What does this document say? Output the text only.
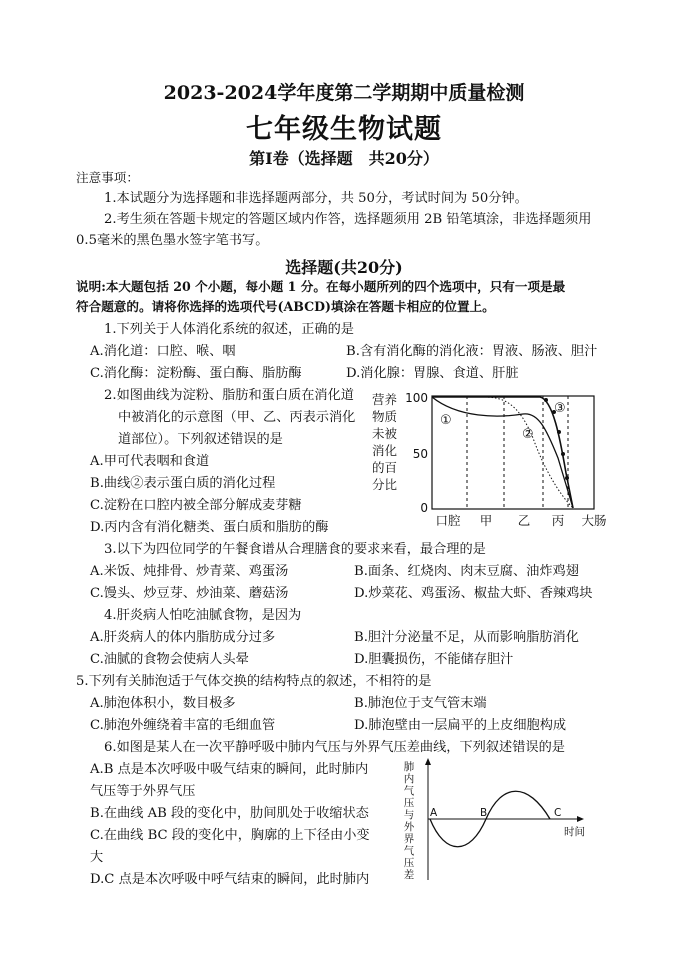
2023-2024学年度第二学期期中质量检测
七年级生物试题
第Ⅰ卷（选择题　共20分）
注意事项：
1.本试题分为选择题和非选择题两部分，共 50分，考试时间为 50分钟。
2.考生须在答题卡规定的答题区域内作答，选择题须用 2B 铅笔填涂，非选择题须用
0.5毫米的黑色墨水签字笔书写。
选择题(共20分)
说明:本大题包括 20 个小题，每小题 1 分。在每小题所列的四个选项中，只有一项是最
符合题意的。请将你选择的选项代号(ABCD)填涂在答题卡相应的位置上。
1.下列关于人体消化系统的叙述，正确的是
A.消化道：口腔、喉、咽	B.含有消化酶的消化液：胃液、肠液、胆汁
C.消化酶：淀粉酶、蛋白酶、脂肪酶	D.消化腺：胃腺、食道、肝脏
2.如图曲线为淀粉、脂肪和蛋白质在消化道
中被消化的示意图（甲、乙、丙表示消化
道部位）。下列叙述错误的是
A.甲可代表咽和食道
B.曲线②表示蛋白质的消化过程
C.淀粉在口腔内被全部分解成麦芽糖
D.丙内含有消化糖类、蛋白质和脂肪的酶
营养
物质
未被
消化
的百
分比
100
50
0
①
②
③
口腔 甲 乙 丙 大肠
3.以下为四位同学的午餐食谱从合理膳食的要求来看，最合理的是
A.米饭、炖排骨、炒青菜、鸡蛋汤	B.面条、红烧肉、肉末豆腐、油炸鸡翅
C.馒头、炒豆芽、炒油菜、蘑菇汤	D.炒菜花、鸡蛋汤、椒盐大虾、香辣鸡块
4.肝炎病人怕吃油腻食物，是因为
A.肝炎病人的体内脂肪成分过多	B.胆汁分泌量不足，从而影响脂肪消化
C.油腻的食物会使病人头晕	D.胆囊损伤，不能储存胆汁
5.下列有关肺泡适于气体交换的结构特点的叙述，不相符的是
A.肺泡体积小，数目极多	B.肺泡位于支气管末端
C.肺泡外缠绕着丰富的毛细血管	D.肺泡壁由一层扁平的上皮细胞构成
6.如图是某人在一次平静呼吸中肺内气压与外界气压差曲线，下列叙述错误的是
A.B 点是本次呼吸中吸气结束的瞬间，此时肺内
气压等于外界气压
B.在曲线 AB 段的变化中，肋间肌处于收缩状态
C.在曲线 BC 段的变化中，胸廓的上下径由小变
大
D.C 点是本次呼吸中呼气结束的瞬间，此时肺内
肺
内
气
压
与
外
界
气
压
差
A	B	C
时间
